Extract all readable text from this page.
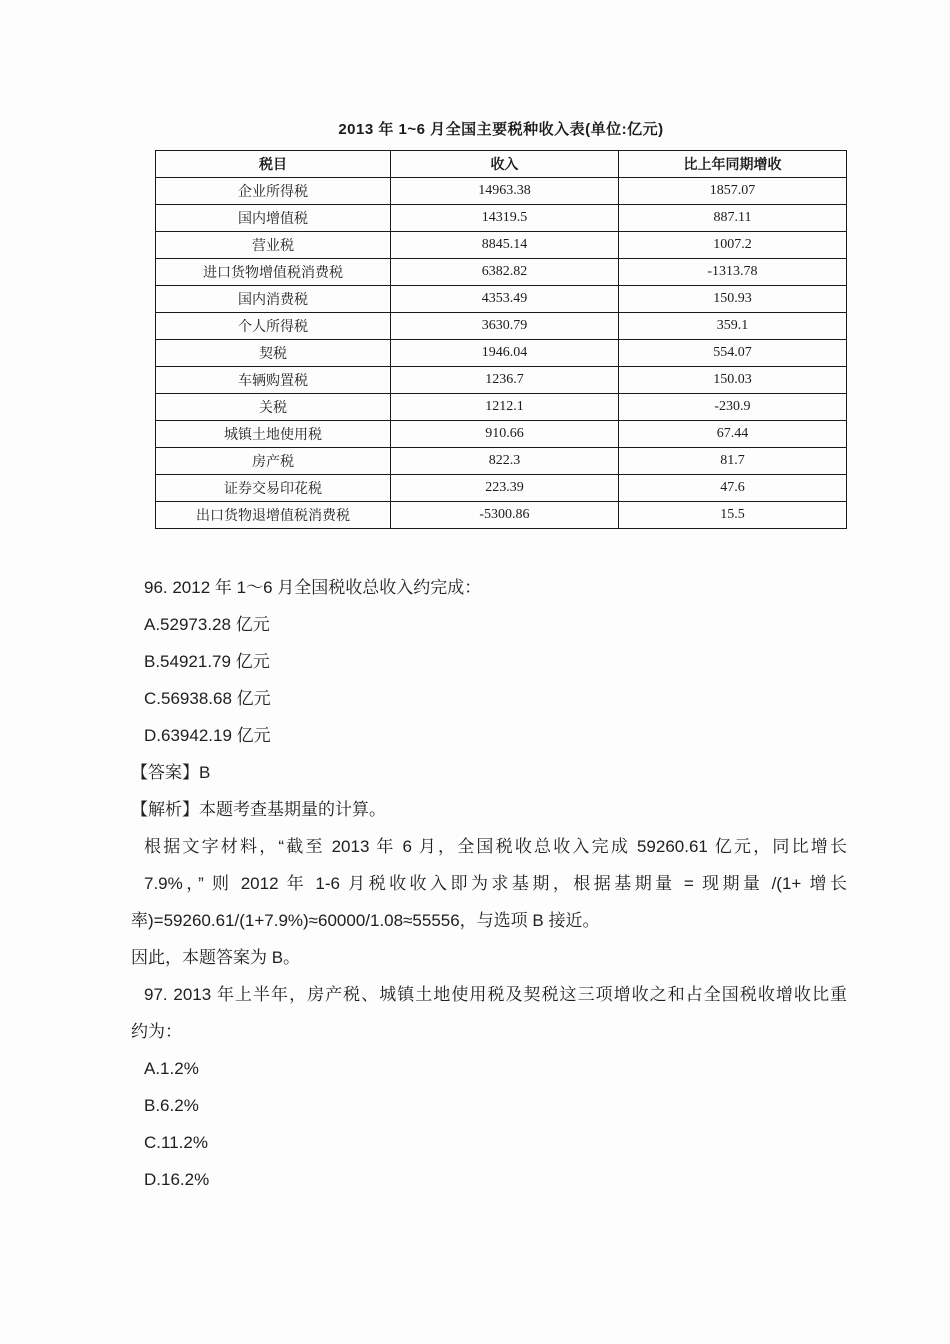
2013 年 1~6 月全国主要税种收入表(单位:亿元)
税目	收入	比上年同期增收
企业所得税	14963.38	1857.07
国内增值税	14319.5	887.11
营业税	8845.14	1007.2
进口货物增值税消费税	6382.82	-1313.78
国内消费税	4353.49	150.93
个人所得税	3630.79	359.1
契税	1946.04	554.07
车辆购置税	1236.7	150.03
关税	1212.1	-230.9
城镇土地使用税	910.66	67.44
房产税	822.3	81.7
证券交易印花税	223.39	47.6
出口货物退增值税消费税	-5300.86	15.5

96. 2012 年 1～6 月全国税收总收入约完成：

A.52973.28 亿元

B.54921.79 亿元

C.56938.68 亿元

D.63942.19 亿元

【答案】B

【解析】本题考查基期量的计算。

根据文字材料，“截至 2013 年 6 月，全国税收总收入完成 59260.61 亿元，同比增长

7.9%，” 则 2012 年 1-6 月税收收入即为求基期，根据基期量 = 现期量 /(1+ 增长

率)=59260.61/(1+7.9%)≈60000/1.08≈55556，与选项 B 接近。

因此，本题答案为 B。

97. 2013 年上半年，房产税、城镇土地使用税及契税这三项增收之和占全国税收增收比重

约为：

A.1.2%

B.6.2%

C.11.2%

D.16.2%
